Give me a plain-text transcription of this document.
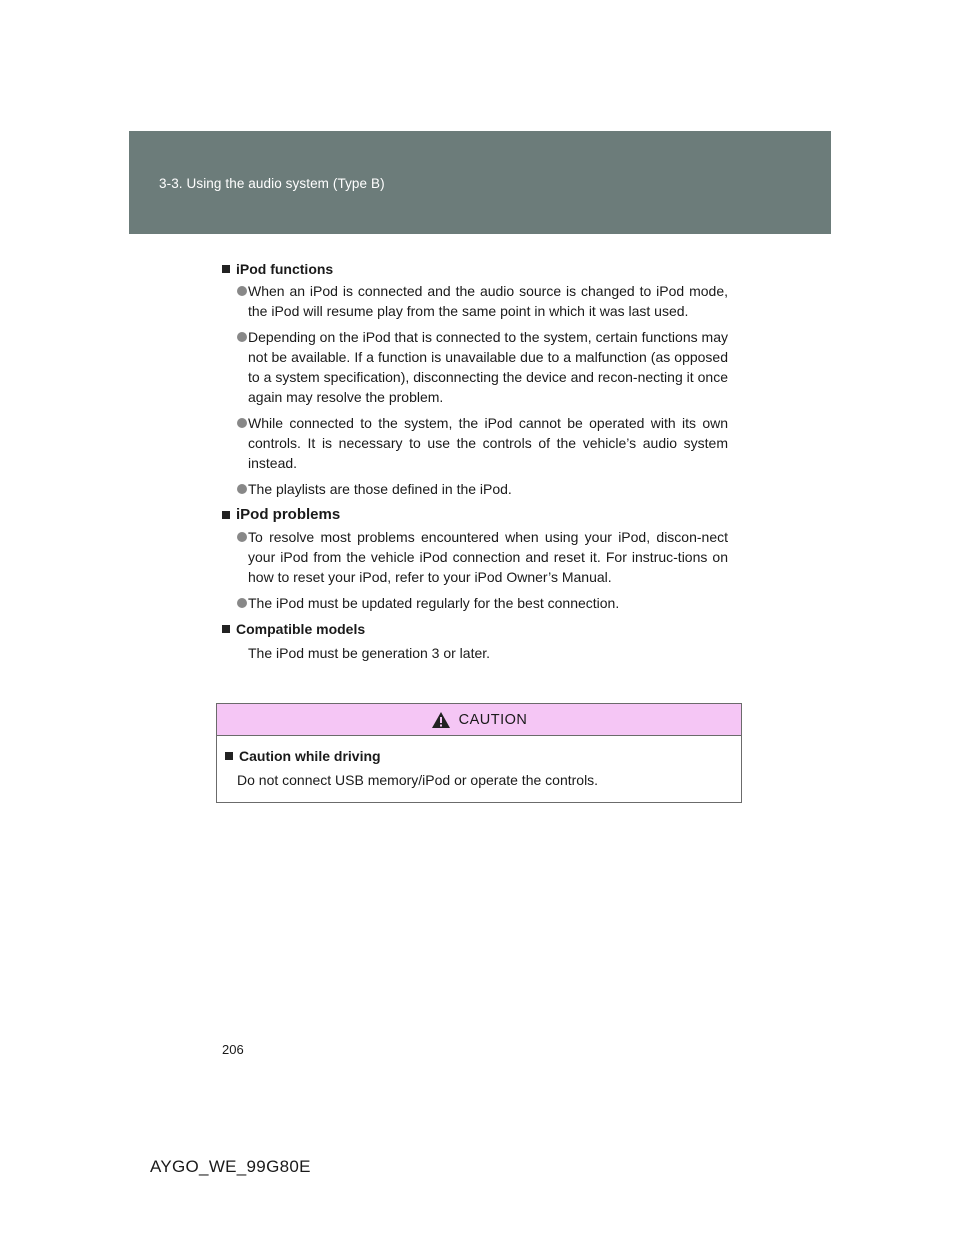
3-3. Using the audio system (Type B)
iPod functions
When an iPod is connected and the audio source is changed to iPod mode, the iPod will resume play from the same point in which it was last used.
Depending on the iPod that is connected to the system, certain functions may not be available. If a function is unavailable due to a malfunction (as opposed to a system specification), disconnecting the device and recon-necting it once again may resolve the problem.
While connected to the system, the iPod cannot be operated with its own controls. It is necessary to use the controls of the vehicle’s audio system instead.
The playlists are those defined in the iPod.
iPod problems
To resolve most problems encountered when using your iPod, discon-nect your iPod from the vehicle iPod connection and reset it. For instruc-tions on how to reset your iPod, refer to your iPod Owner’s Manual.
The iPod must be updated regularly for the best connection.
Compatible models

The iPod must be generation 3 or later.

CAUTION
Caution while driving

Do not connect USB memory/iPod or operate the controls.

206
AYGO_WE_99G80E
